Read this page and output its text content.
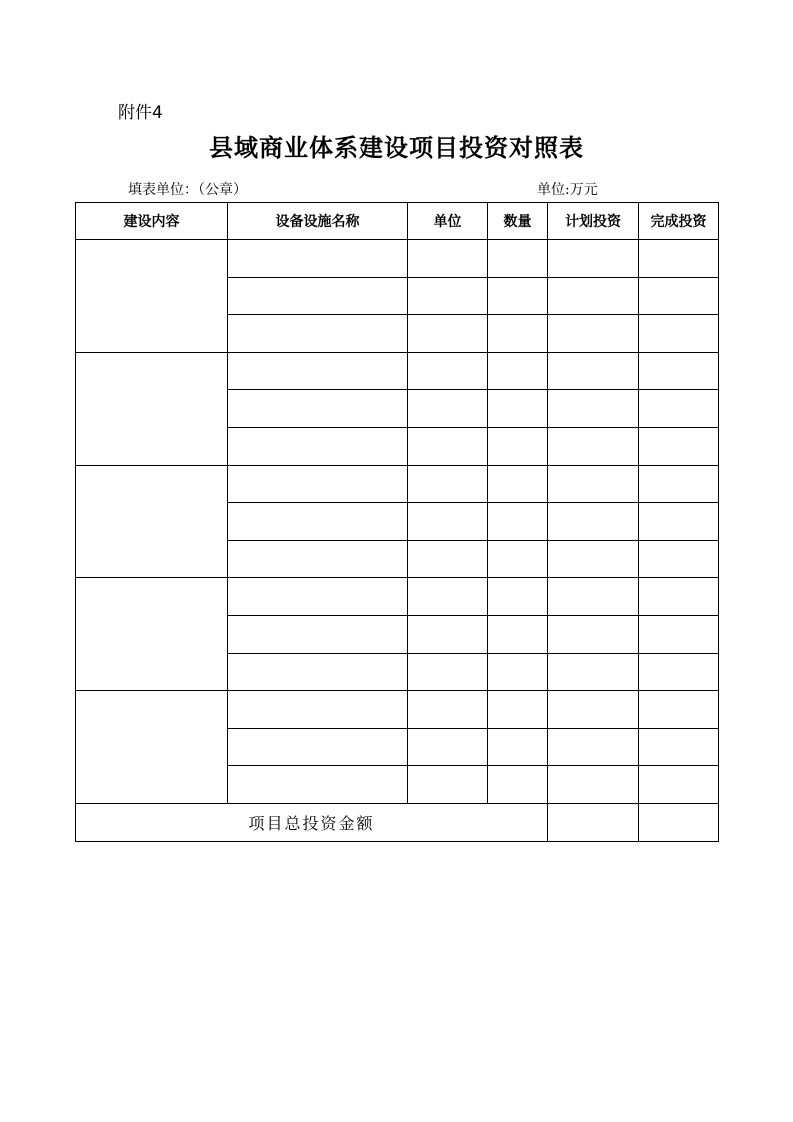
附件4
县域商业体系建设项目投资对照表
填表单位：（公章）	单位:万元
建设内容	设备设施名称	单位	数量	计划投资	完成投资

项目总投资金额					
